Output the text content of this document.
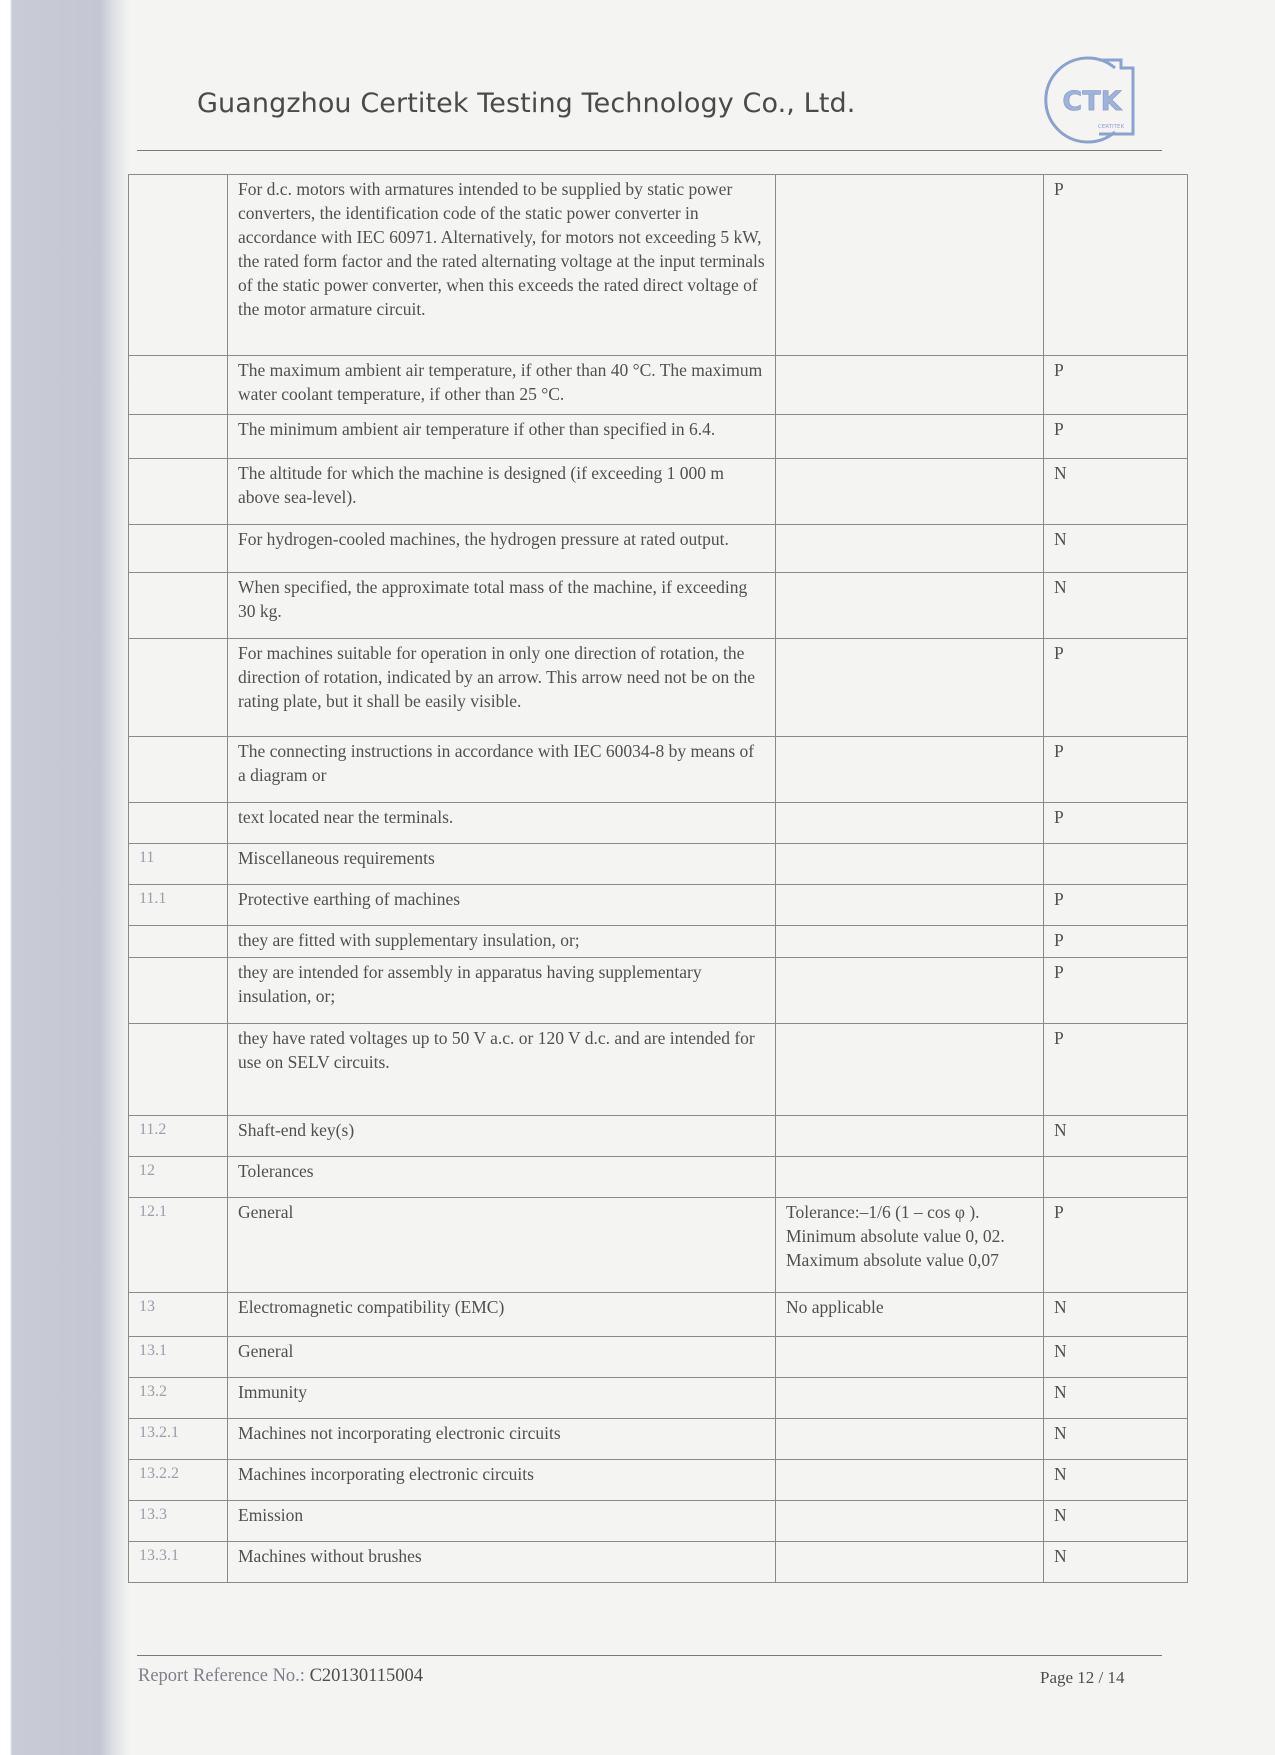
Guangzhou Certitek Testing Technology Co., Ltd.	CTK
CERTITEK
	For d.c. motors with armatures intended to be supplied by static power converters, the identification code of the static power converter in accordance with IEC 60971. Alternatively, for motors not exceeding 5 kW, the rated form factor and the rated alternating voltage at the input terminals of the static power converter, when this exceeds the rated direct voltage of the motor armature circuit.		P
	The maximum ambient air temperature, if other than 40 °C. The maximum water coolant temperature, if other than 25 °C.		P
	The minimum ambient air temperature if other than specified in 6.4.		P
	The altitude for which the machine is designed (if exceeding 1 000 m above sea-level).		N
	For hydrogen-cooled machines, the hydrogen pressure at rated output.		N
	When specified, the approximate total mass of the machine, if exceeding 30 kg.		N
	For machines suitable for operation in only one direction of rotation, the direction of rotation, indicated by an arrow. This arrow need not be on the rating plate, but it shall be easily visible.		P
	The connecting instructions in accordance with IEC 60034-8 by means of a diagram or		P
	text located near the terminals.		P
11	Miscellaneous requirements		
11.1	Protective earthing of machines		P
	they are fitted with supplementary insulation, or;		P
	they are intended for assembly in apparatus having supplementary insulation, or;		P
	they have rated voltages up to 50 V a.c. or 120 V d.c. and are intended for use on SELV circuits.		P
11.2	Shaft-end key(s)		N
12	Tolerances		
12.1	General	Tolerance:–1/6 (1 – cos φ ). Minimum absolute value 0, 02. Maximum absolute value 0,07	P
13	Electromagnetic compatibility (EMC)	No applicable	N
13.1	General		N
13.2	Immunity		N
13.2.1	Machines not incorporating electronic circuits		N
13.2.2	Machines incorporating electronic circuits		N
13.3	Emission		N
13.3.1	Machines without brushes		N
Report Reference No.: C20130115004	Page 12 / 14
